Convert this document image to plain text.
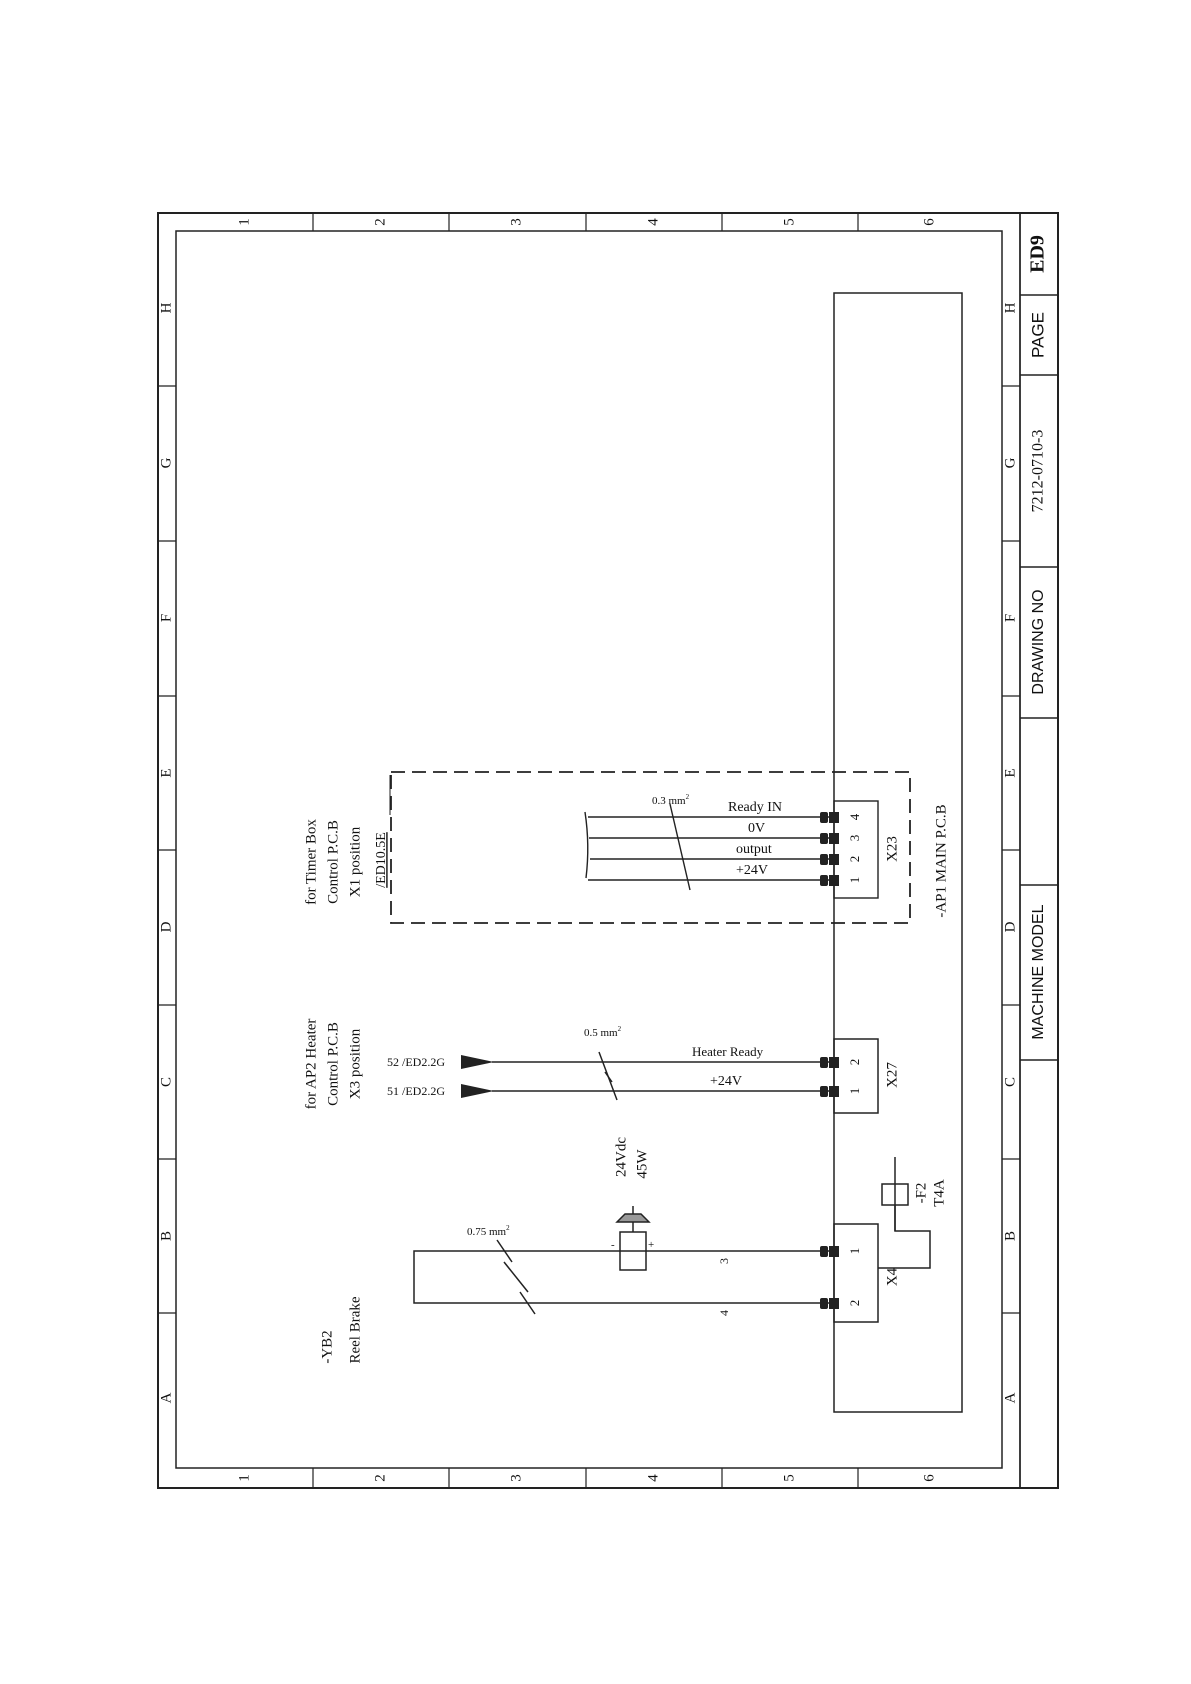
1	2	3	4	5	6
1	2	3	4	5	6
A
B
C
D
E
F
G
H
A
B
C
D
E
F
G
H
ED9
PAGE
7212-0710-3
DRAWING NO
MACHINE MODEL
-AP1 MAIN P.C.B
-YB2 Reel Brake
-	+
24Vdc 45W
0.75 $mm^2$
3
4
1
2
X4
-F2 T4A
for AP2 Heater Control P.C.B X3 position 52 /ED2.2G
51 /ED2.2G
0.5 $mm^2$
Heater Ready
+24V
2
1
X27
for Timer Box Control P.C.B X1 position /ED10.5E
0.3 $mm^2$
Ready IN
0V
output
+24V
4
3
2
1
X23
